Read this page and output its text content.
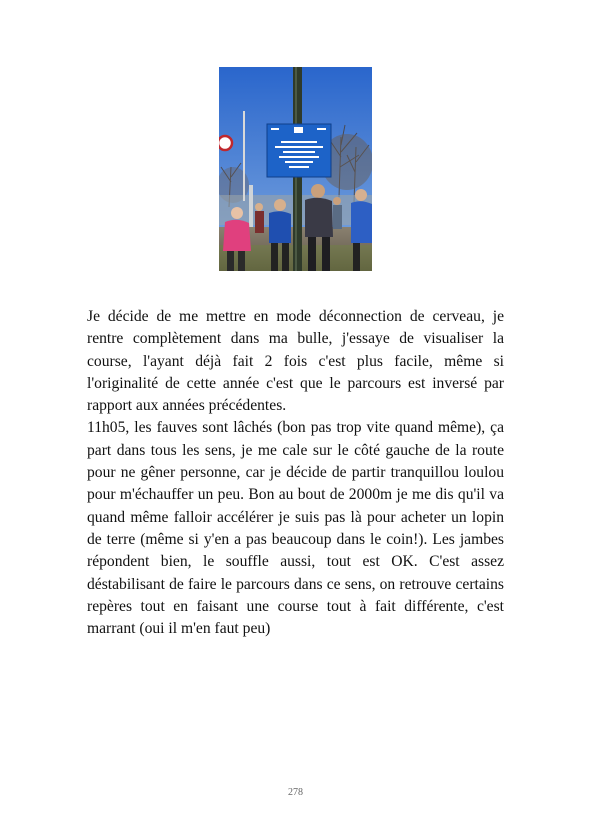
Je décide de me mettre en mode déconnection de cerveau, je rentre complètement dans ma bulle, j'essaye de visualiser la course, l'ayant déjà fait 2 fois c'est plus facile, même si l'originalité de cette année c'est que le parcours est inversé par rapport aux années précédentes.

11h05, les fauves sont lâchés (bon pas trop vite quand même), ça part dans tous les sens, je me cale sur le côté gauche de la route pour ne gêner personne, car je décide de partir tranquillou loulou pour m'échauffer un peu. Bon au bout de 2000m je me dis qu'il va quand même falloir accélérer je suis pas là pour acheter un lopin de terre (même si y'en a pas beaucoup dans le coin!). Les jambes répondent bien, le souffle aussi, tout est OK. C'est assez déstabilisant de faire le parcours dans ce sens, on retrouve certains repères tout en faisant une course tout à fait différente, c'est marrant (oui il m'en faut peu)

278
